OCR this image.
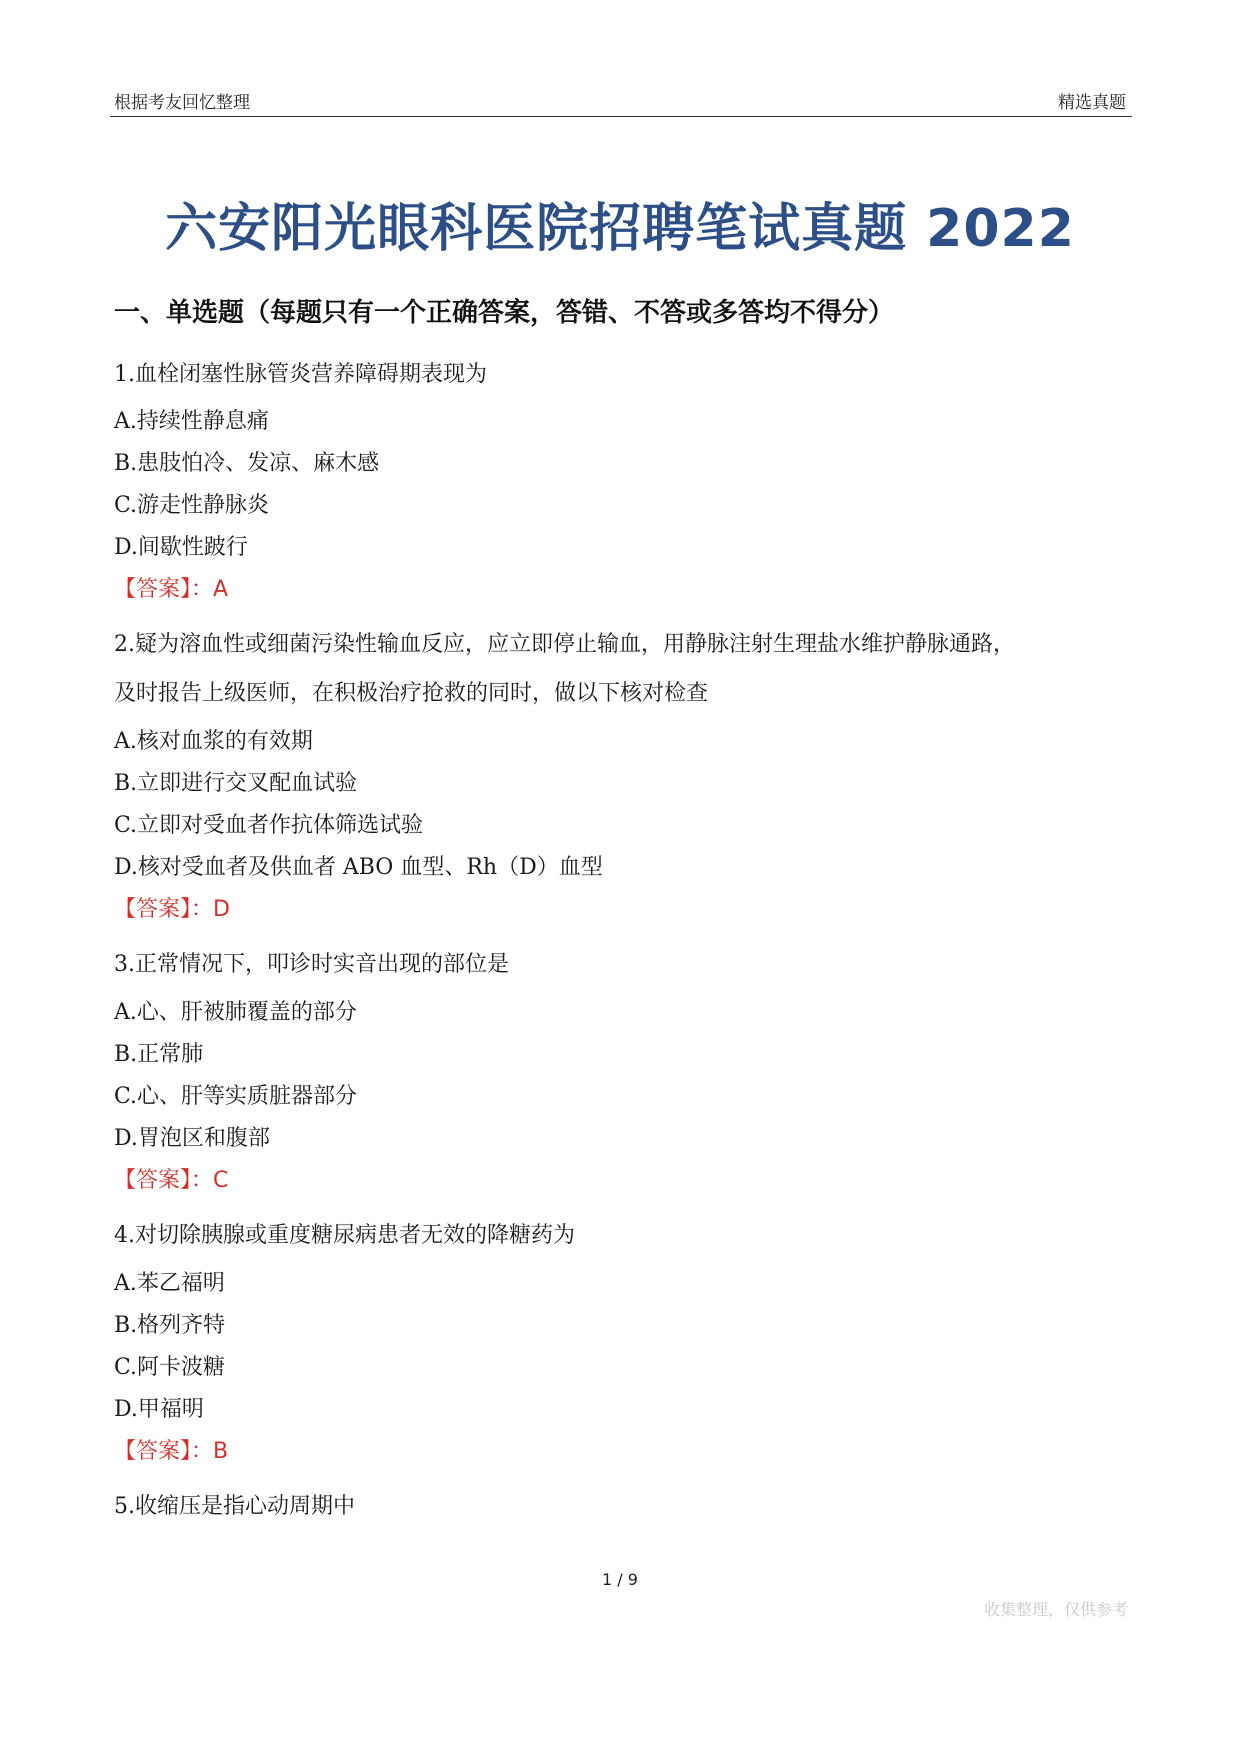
根据考友回忆整理	精选真题
六安阳光眼科医院招聘笔试真题 2022
一、单选题（每题只有一个正确答案，答错、不答或多答均不得分）
1.血栓闭塞性脉管炎营养障碍期表现为
A.持续性静息痛
B.患肢怕冷、发凉、麻木感
C.游走性静脉炎
D.间歇性跛行
【答案】：A
2.疑为溶血性或细菌污染性输血反应，应立即停止输血，用静脉注射生理盐水维护静脉通路，
及时报告上级医师，在积极治疗抢救的同时，做以下核对检查
A.核对血浆的有效期
B.立即进行交叉配血试验
C.立即对受血者作抗体筛选试验
D.核对受血者及供血者 ABO 血型、Rh（D）血型
【答案】：D
3.正常情况下，叩诊时实音出现的部位是
A.心、肝被肺覆盖的部分
B.正常肺
C.心、肝等实质脏器部分
D.胃泡区和腹部
【答案】：C
4.对切除胰腺或重度糖尿病患者无效的降糖药为
A.苯乙福明
B.格列齐特
C.阿卡波糖
D.甲福明
【答案】：B
5.收缩压是指心动周期中
1 / 9
收集整理，仅供参考
